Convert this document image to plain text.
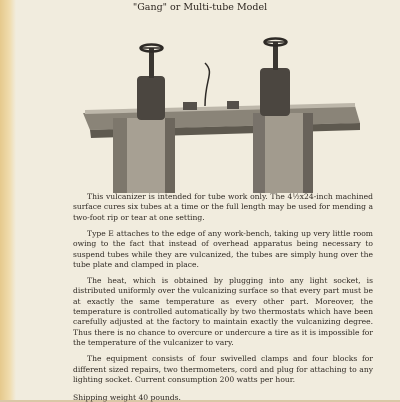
"Gang" or Multi-tube Model

This vulcanizer is intended for tube work only. The 4½x24-inch machined surface cures six tubes at a time or the full length may be used for mending a two-foot rip or tear at one setting.

Type E attaches to the edge of any work-bench, taking up very little room owing to the fact that instead of overhead apparatus being necessary to suspend tubes while they are vulcanized, the tubes are simply hung over the tube plate and clamped in place.

The heat, which is obtained by plugging into any light socket, is distributed uniformly over the vulcanizing surface so that every part must be at exactly the same temperature as every other part. Moreover, the temperature is controlled automatically by two thermostats which have been carefully adjusted at the factory to maintain exactly the vulcanizing degree. Thus there is no chance to overcure or undercure a tire as it is impossible for the temperature of the vulcanizer to vary.

The equipment consists of four swivelled clamps and four blocks for different sized repairs, two thermometers, cord and plug for attaching to any lighting socket. Current consumption 200 watts per hour.

Shipping weight 40 pounds.
